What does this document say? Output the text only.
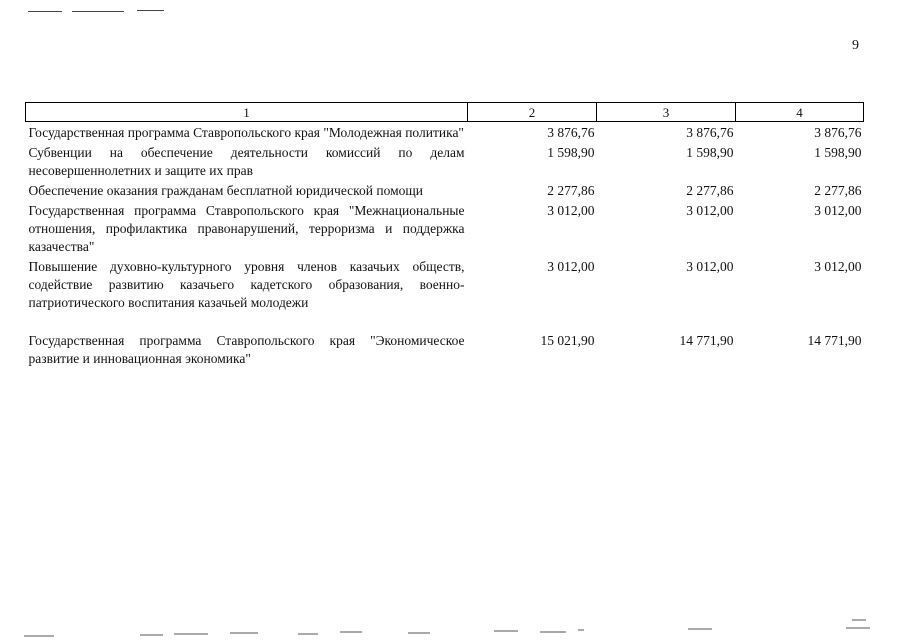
9
1	2	3	4
Государственная программа Ставропольского края "Молодежная политика"	3 876,76	3 876,76	3 876,76
Субвенции на обеспечение деятельности комиссий по делам несовершеннолетних и защите их прав	1 598,90	1 598,90	1 598,90
Обеспечение оказания гражданам бесплатной юридической помощи	2 277,86	2 277,86	2 277,86
Государственная программа Ставропольского края "Межнациональные отношения, профилактика правонарушений, терроризма и поддержка казачества"	3 012,00	3 012,00	3 012,00
Повышение духовно-культурного уровня членов казачьих обществ, содействие развитию казачьего кадетского образования, военно-патриотического воспитания казачьей молодежи	3 012,00	3 012,00	3 012,00
Государственная программа Ставропольского края "Экономическое развитие и инновационная экономика"	15 021,90	14 771,90	14 771,90
